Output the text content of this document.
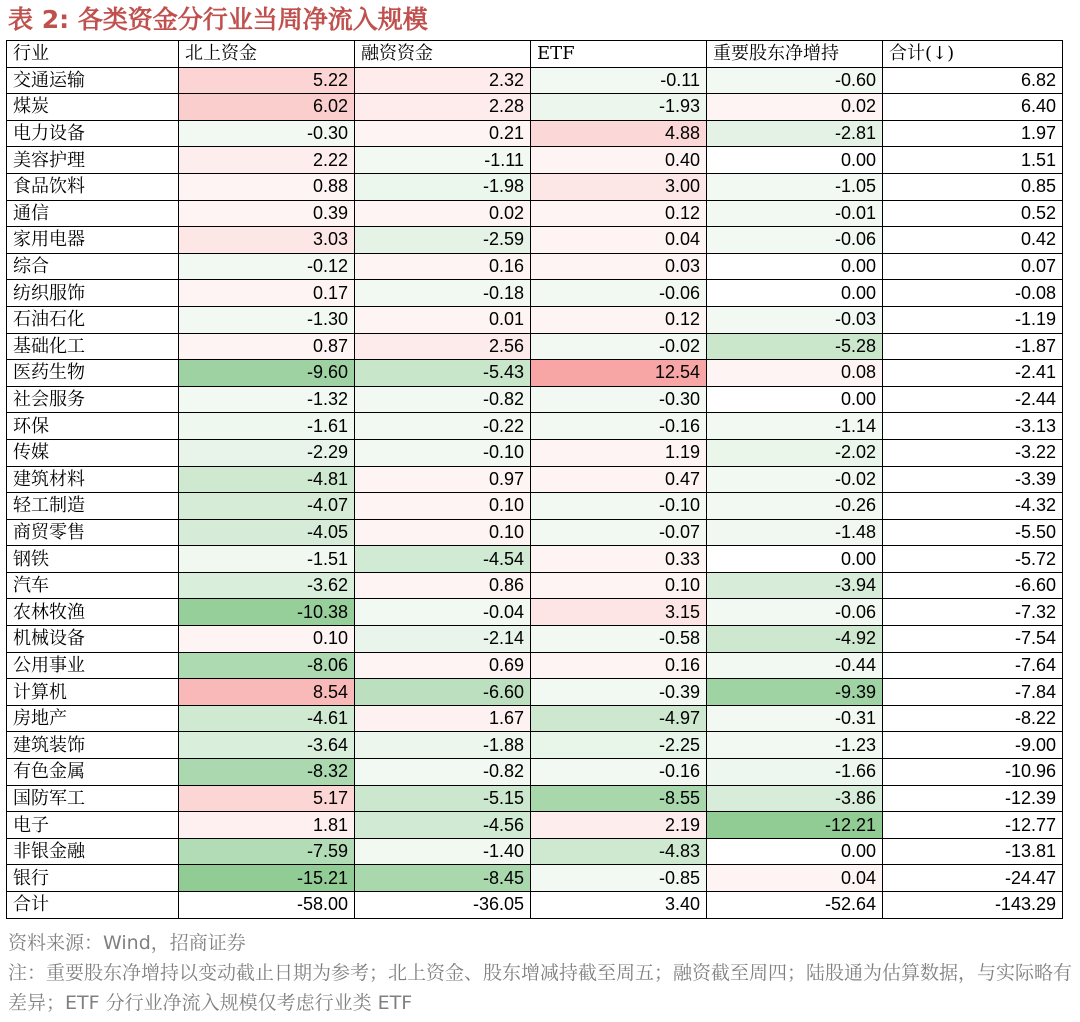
表 2: 各类资金分行业当周净流入规模
行业	北上资金	融资资金	ETF	重要股东净增持	合计(↓)
交通运输	5.22	2.32	-0.11	-0.60	6.82
煤炭	6.02	2.28	-1.93	0.02	6.40
电力设备	-0.30	0.21	4.88	-2.81	1.97
美容护理	2.22	-1.11	0.40	0.00	1.51
食品饮料	0.88	-1.98	3.00	-1.05	0.85
通信	0.39	0.02	0.12	-0.01	0.52
家用电器	3.03	-2.59	0.04	-0.06	0.42
综合	-0.12	0.16	0.03	0.00	0.07
纺织服饰	0.17	-0.18	-0.06	0.00	-0.08
石油石化	-1.30	0.01	0.12	-0.03	-1.19
基础化工	0.87	2.56	-0.02	-5.28	-1.87
医药生物	-9.60	-5.43	12.54	0.08	-2.41
社会服务	-1.32	-0.82	-0.30	0.00	-2.44
环保	-1.61	-0.22	-0.16	-1.14	-3.13
传媒	-2.29	-0.10	1.19	-2.02	-3.22
建筑材料	-4.81	0.97	0.47	-0.02	-3.39
轻工制造	-4.07	0.10	-0.10	-0.26	-4.32
商贸零售	-4.05	0.10	-0.07	-1.48	-5.50
钢铁	-1.51	-4.54	0.33	0.00	-5.72
汽车	-3.62	0.86	0.10	-3.94	-6.60
农林牧渔	-10.38	-0.04	3.15	-0.06	-7.32
机械设备	0.10	-2.14	-0.58	-4.92	-7.54
公用事业	-8.06	0.69	0.16	-0.44	-7.64
计算机	8.54	-6.60	-0.39	-9.39	-7.84
房地产	-4.61	1.67	-4.97	-0.31	-8.22
建筑装饰	-3.64	-1.88	-2.25	-1.23	-9.00
有色金属	-8.32	-0.82	-0.16	-1.66	-10.96
国防军工	5.17	-5.15	-8.55	-3.86	-12.39
电子	1.81	-4.56	2.19	-12.21	-12.77
非银金融	-7.59	-1.40	-4.83	0.00	-13.81
银行	-15.21	-8.45	-0.85	0.04	-24.47
合计	-58.00	-36.05	3.40	-52.64	-143.29
资料来源：Wind，招商证券
注：重要股东净增持以变动截止日期为参考；北上资金、股东增减持截至周五；融资截至周四；陆股通为估算数据，与实际略有差异；ETF 分行业净流入规模仅考虑行业类 ETF
